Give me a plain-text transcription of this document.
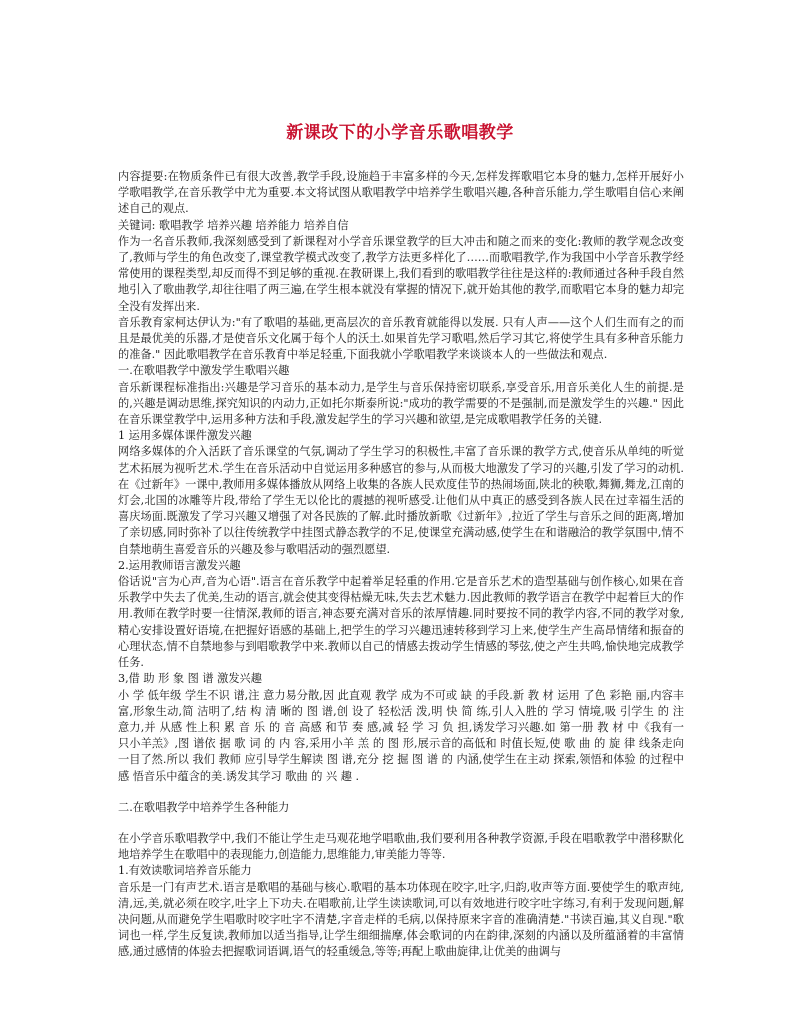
新课改下的小学音乐歌唱教学

内容提要:在物质条件已有很大改善,教学手段,设施趋于丰富多样的今天,怎样发挥歌唱它本身的魅力,怎样开展好小学歌唱教学,在音乐教学中尤为重要.本文将试图从歌唱教学中培养学生歌唱兴趣,各种音乐能力,学生歌唱自信心来阐述自己的观点.

关键词: 歌唱教学 培养兴趣 培养能力 培养自信

作为一名音乐教师,我深刻感受到了新课程对小学音乐课堂教学的巨大冲击和随之而来的变化:教师的教学观念改变了,教师与学生的角色改变了,课堂教学模式改变了,教学方法更多样化了……而歌唱教学,作为我国中小学音乐教学经常使用的课程类型,却反而得不到足够的重视.在教研课上,我们看到的歌唱教学往往是这样的:教师通过各种手段自然地引入了歌曲教学,却往往唱了两三遍,在学生根本就没有掌握的情况下,就开始其他的教学,而歌唱它本身的魅力却完全没有发挥出来.

音乐教育家柯达伊认为:"有了歌唱的基础,更高层次的音乐教育就能得以发展. 只有人声——这个人们生而有之的而且是最优美的乐器,才是使音乐文化属于每个人的沃土.如果首先学习歌唱,然后学习其它,将使学生具有多种音乐能力的准备." 因此歌唱教学在音乐教育中举足轻重,下面我就小学歌唱教学来谈谈本人的一些做法和观点.

一.在歌唱教学中激发学生歌唱兴趣

音乐新课程标准指出:兴趣是学习音乐的基本动力,是学生与音乐保持密切联系,享受音乐,用音乐美化人生的前提.是的,兴趣是调动思维,探究知识的内动力,正如托尔斯泰所说:"成功的教学需要的不是强制,而是激发学生的兴趣." 因此在音乐课堂教学中,运用多种方法和手段,激发起学生的学习兴趣和欲望,是完成歌唱教学任务的关键.

1 运用多媒体课件激发兴趣

网络多媒体的介入活跃了音乐课堂的气氛,调动了学生学习的积极性,丰富了音乐课的教学方式,使音乐从单纯的听觉艺术拓展为视听艺术.学生在音乐活动中自觉运用多种感官的参与,从而极大地激发了学习的兴趣,引发了学习的动机.在《过新年》一课中,教师用多媒体播放从网络上收集的各族人民欢度佳节的热闹场面,陕北的秧歌,舞狮,舞龙,江南的灯会,北国的冰雕等片段,带给了学生无以伦比的震撼的视听感受.让他们从中真正的感受到各族人民在过幸福生活的喜庆场面.既激发了学习兴趣又增强了对各民族的了解.此时播放新歌《过新年》,拉近了学生与音乐之间的距离,增加了亲切感,同时弥补了以往传统教学中挂图式静态教学的不足,使课堂充满动感,使学生在和谐融洽的教学氛围中,情不自禁地萌生喜爱音乐的兴趣及参与歌唱活动的强烈愿望.

2.运用教师语言激发兴趣

俗话说"言为心声,音为心语".语言在音乐教学中起着举足轻重的作用.它是音乐艺术的造型基础与创作核心,如果在音乐教学中失去了优美,生动的语言,就会使其变得枯燥无味,失去艺术魅力.因此教师的教学语言在教学中起着巨大的作用.教师在教学时要一往情深,教师的语言,神态要充满对音乐的浓厚情趣.同时要按不同的教学内容,不同的教学对象,精心安排设置好语境,在把握好语感的基础上,把学生的学习兴趣迅速转移到学习上来,使学生产生高昂情绪和振奋的心理状态,情不自禁地参与到唱歌教学中来.教师以自己的情感去拨动学生情感的琴弦,使之产生共鸣,愉快地完成教学任务.

3,借 助 形 象 图 谱 激发兴趣

小 学 低年级 学生不识 谱,注 意力易分散,因 此直观 教学 成为不可或 缺 的手段.新 教 材 运用 了色 彩艳 丽,内容丰 富,形象生动,简 洁明了,结 构 清 晰的 图 谱,创 设了 轻松活 泼,明 快 简 练,引人入胜的 学习 情境,吸 引学生 的 注意力,并 从感 性上积 累 音 乐 的 音 高感 和节 奏 感,减 轻 学 习 负 担,诱发学习兴趣.如 第一册 教 材 中《我有一只小羊羔》,图 谱依 据 歌 词 的 内 容,采用小羊 羔 的 图 形,展示音的高低和 时值长短,使 歌 曲 的 旋 律 线条走向一目了然.所以 我们 教师 应引导学生解读 图 谱,充分 挖 掘 图 谱 的 内涵,使学生在主动 探索,领悟和体验 的过程中感 悟音乐中蕴含的美.诱发其学习 歌曲 的 兴 趣 .

二.在歌唱教学中培养学生各种能力

在小学音乐歌唱教学中,我们不能让学生走马观花地学唱歌曲,我们要利用各种教学资源,手段在唱歌教学中潜移默化地培养学生在歌唱中的表现能力,创造能力,思维能力,审美能力等等.

1.有效读歌词培养音乐能力

音乐是一门有声艺术.语言是歌唱的基础与核心.歌唱的基本功体现在咬字,吐字,归韵,收声等方面.要使学生的歌声纯,清,远,美,就必须在咬字,吐字上下功夫.在唱歌前,让学生读读歌词,可以有效地进行咬字吐字练习,有利于发现问题,解决问题,从而避免学生唱歌时咬字吐字不清楚,字音走样的毛病,以保持原来字音的准确清楚."书读百遍,其义自现."歌词也一样,学生反复读,教师加以适当指导,让学生细细揣摩,体会歌词的内在韵律,深刻的内涵以及所蕴涵着的丰富情感,通过感情的体验去把握歌词语调,语气的轻重缓急,等等;再配上歌曲旋律,让优美的曲调与
